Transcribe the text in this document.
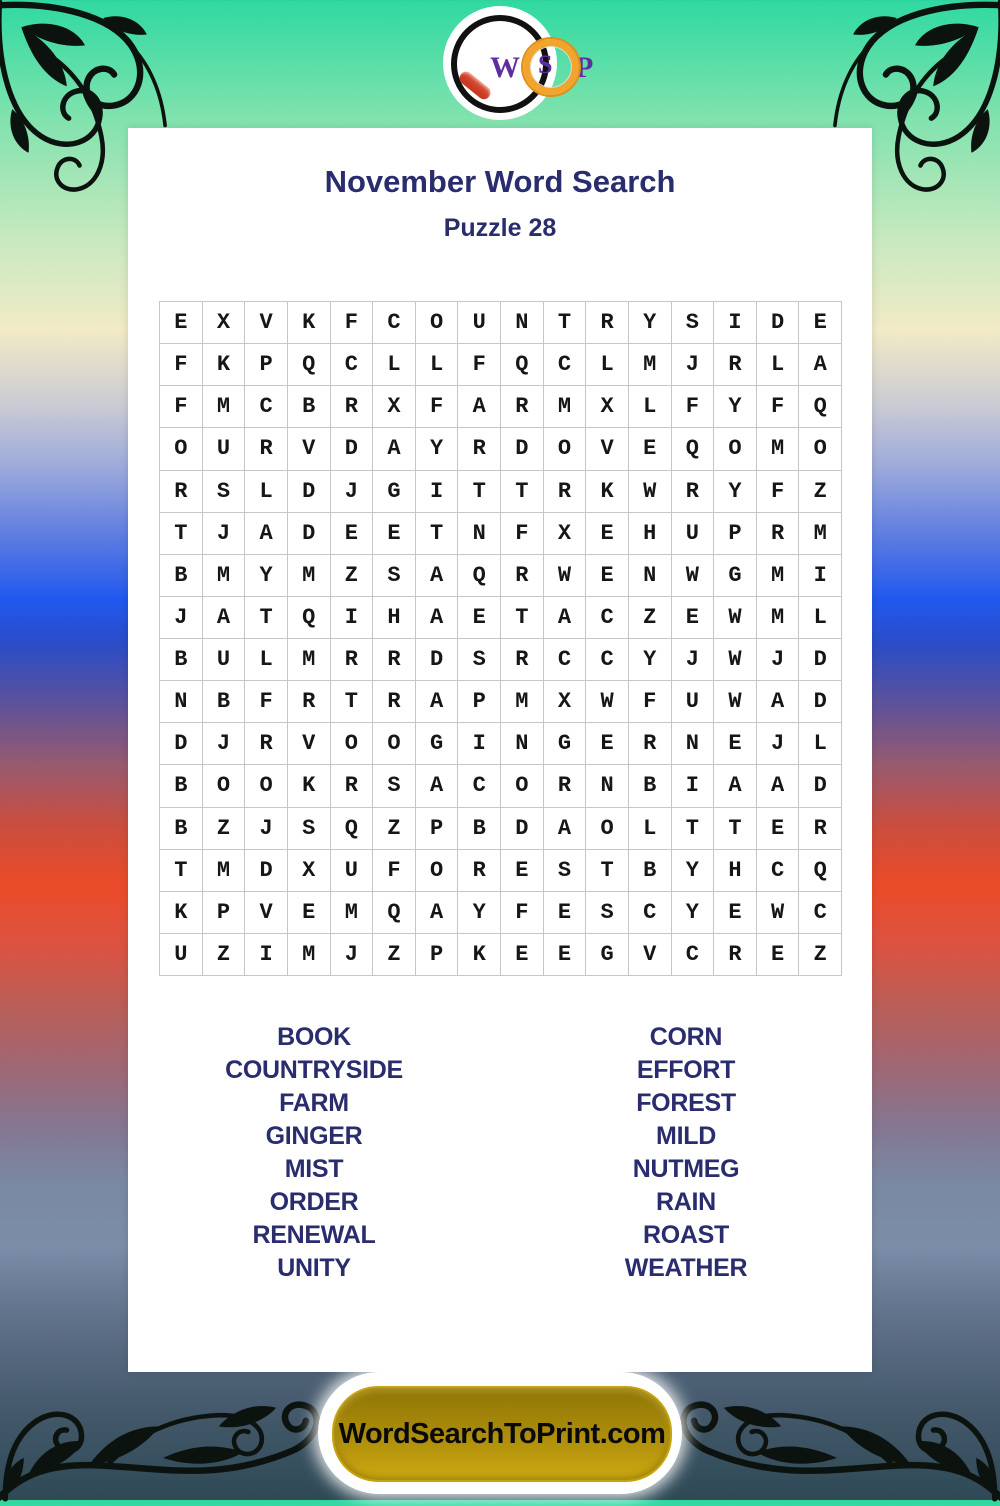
November Word Search
Puzzle 28
E	X	V	K	F	C	O	U	N	T	R	Y	S	I	D	E
F	K	P	Q	C	L	L	F	Q	C	L	M	J	R	L	A
F	M	C	B	R	X	F	A	R	M	X	L	F	Y	F	Q
O	U	R	V	D	A	Y	R	D	O	V	E	Q	O	M	O
R	S	L	D	J	G	I	T	T	R	K	W	R	Y	F	Z
T	J	A	D	E	E	T	N	F	X	E	H	U	P	R	M
B	M	Y	M	Z	S	A	Q	R	W	E	N	W	G	M	I
J	A	T	Q	I	H	A	E	T	A	C	Z	E	W	M	L
B	U	L	M	R	R	D	S	R	C	C	Y	J	W	J	D
N	B	F	R	T	R	A	P	M	X	W	F	U	W	A	D
D	J	R	V	O	O	G	I	N	G	E	R	N	E	J	L
B	O	O	K	R	S	A	C	O	R	N	B	I	A	A	D
B	Z	J	S	Q	Z	P	B	D	A	O	L	T	T	E	R
T	M	D	X	U	F	O	R	E	S	T	B	Y	H	C	Q
K	P	V	E	M	Q	A	Y	F	E	S	C	Y	E	W	C
U	Z	I	M	J	Z	P	K	E	E	G	V	C	R	E	Z
BOOK
COUNTRYSIDE
FARM
GINGER
MIST
ORDER
RENEWAL
UNITY
CORN
EFFORT
FOREST
MILD
NUTMEG
RAIN
ROAST
WEATHER
W S P
WordSearchToPrint.com
